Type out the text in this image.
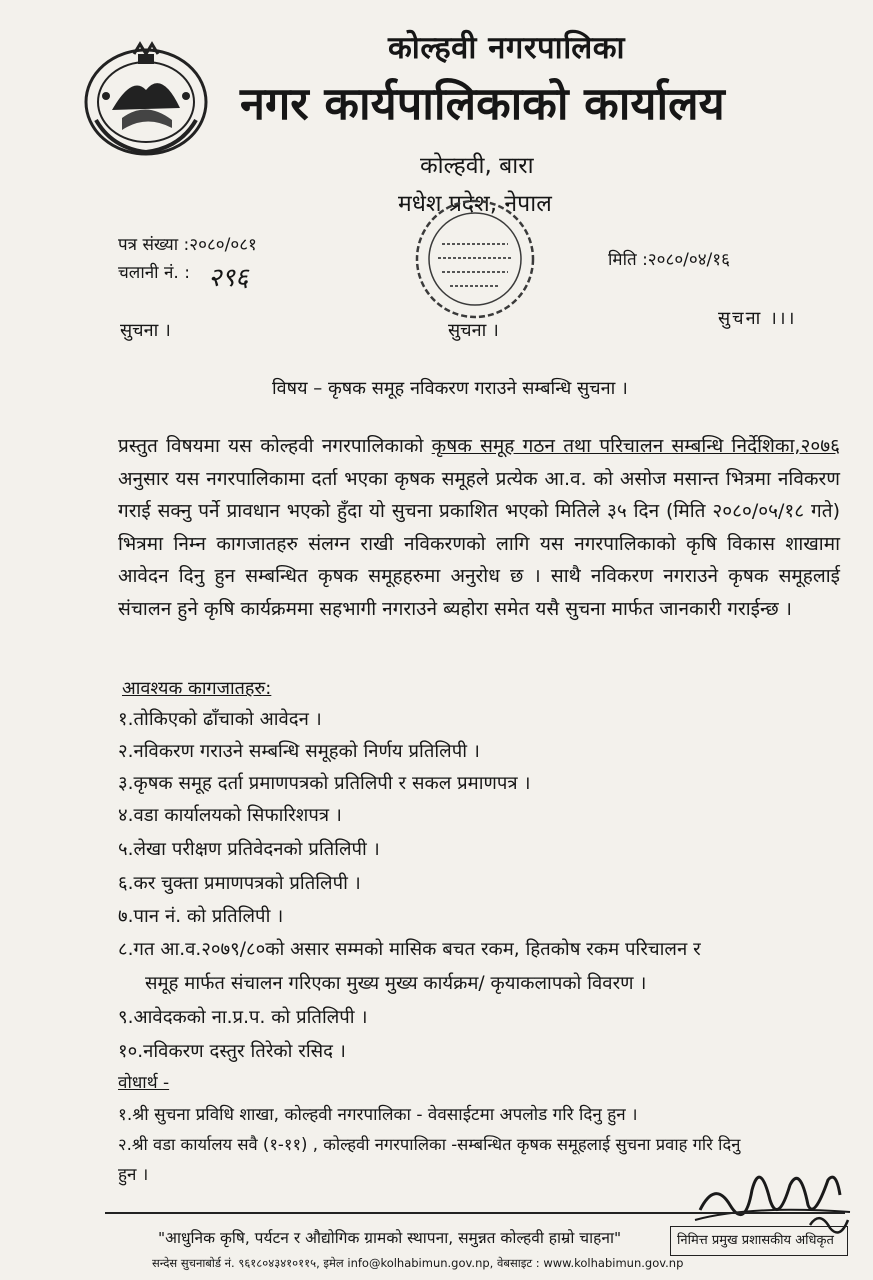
कोल्हवी नगरपालिका
नगर कार्यपालिकाको कार्यालय
कोल्हवी, बारा
मधेश प्रदेश, नेपाल
पत्र संख्या :२०८०/०८१
चलानी नं. : २९६
मिति :२०८०/०४/१६
सुचना ।	सुचना ।
सुचना ।।।
विषय – कृषक समूह नविकरण गराउने सम्बन्धि सुचना ।
प्रस्तुत विषयमा यस कोल्हवी नगरपालिकाको कृषक समूह गठन तथा परिचालन सम्बन्धि निर्देशिका,२०७६ अनुसार यस नगरपालिकामा दर्ता भएका कृषक समूहले प्रत्येक आ.व. को असोज मसान्त भित्रमा नविकरण गराई सक्नु पर्ने प्रावधान भएको हुँदा यो सुचना प्रकाशित भएको मितिले ३५ दिन (मिति २०८०/०५/१८ गते) भित्रमा निम्न कागजातहरु संलग्न राखी नविकरणको लागि यस नगरपालिकाको कृषि विकास शाखामा आवेदन दिनु हुन सम्बन्धित कृषक समूहहरुमा अनुरोध छ । साथै नविकरण नगराउने कृषक समूहलाई संचालन हुने कृषि कार्यक्रममा सहभागी नगराउने ब्यहोरा समेत यसै सुचना मार्फत जानकारी गराईन्छ ।
आवश्यक कागजातहरु:
१.तोकिएको ढाँचाको आवेदन ।
२.नविकरण गराउने सम्बन्धि समूहको निर्णय प्रतिलिपी ।
३.कृषक समूह दर्ता प्रमाणपत्रको प्रतिलिपी र सकल प्रमाणपत्र ।
४.वडा कार्यालयको सिफारिशपत्र ।
५.लेखा परीक्षण प्रतिवेदनको प्रतिलिपी ।
६.कर चुक्ता प्रमाणपत्रको प्रतिलिपी ।
७.पान नं. को प्रतिलिपी ।
८.गत आ.व.२०७९/८०को असार सम्मको मासिक बचत रकम, हितकोष रकम परिचालन र
समूह मार्फत संचालन गरिएका मुख्य मुख्य कार्यक्रम/ कृयाकलापको विवरण ।
९.आवेदकको ना.प्र.प. को प्रतिलिपी ।
१०.नविकरण दस्तुर तिरेको रसिद ।
वोधार्थ -
१.श्री सुचना प्रविधि शाखा, कोल्हवी नगरपालिका - वेवसाईटमा अपलोड गरि दिनु हुन ।
२.श्री वडा कार्यालय सवै (१-११) , कोल्हवी नगरपालिका -सम्बन्धित कृषक समूहलाई सुचना प्रवाह गरि दिनु
हुन ।
"आधुनिक कृषि, पर्यटन र औद्योगिक ग्रामको स्थापना, समुन्नत कोल्हवी हाम्रो चाहना"	निमित्त प्रमुख प्रशासकीय अधिकृत
सन्देस सुचनाबोर्ड नं. ९६१८०४३४१०११५, इमेल info@kolhabimun.gov.np, वेबसाइट : www.kolhabimun.gov.np
